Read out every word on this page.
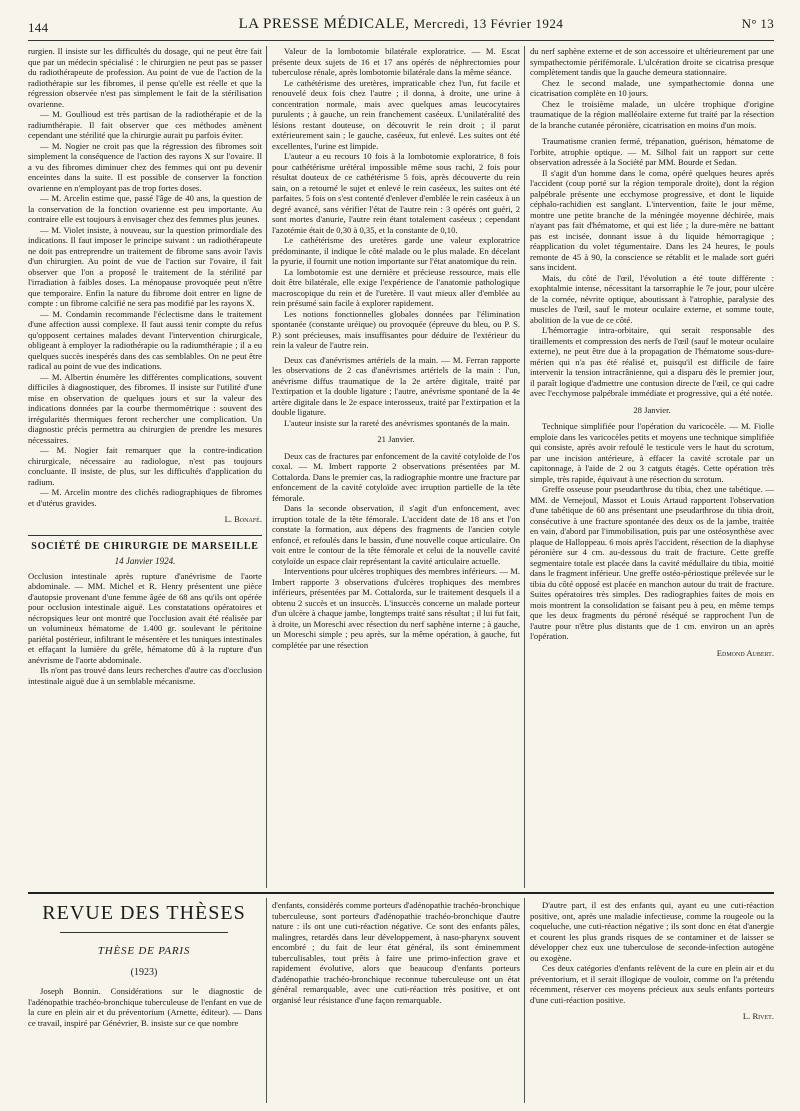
144	LA PRESSE MÉDICALE, Mercredi, 13 Février 1924	N° 13

rurgien. Il insiste sur les difficultés du dosage, qui ne peut être fait que par un médecin spécialisé : le chirurgien ne peut pas se passer du radiothérapeute de profession. Au point de vue de l'action de la radiothérapie sur les fibromes, il pense qu'elle est réelle et que la régression observée n'est pas simplement le fait de la stérilisation ovarienne.

— M. Goullioud est très partisan de la radiothérapie et de la radiumthérapie. Il fait observer que ces méthodes amènent cependant une stérilité que la chirurgie aurait pu parfois éviter.

— M. Nogier ne croit pas que la régression des fibromes soit simplement la conséquence de l'action des rayons X sur l'ovaire. Il a vu des fibromes diminuer chez des femmes qui ont pu devenir enceintes dans la suite. Il est possible de conserver la fonction ovarienne en n'employant pas de trop fortes doses.

— M. Arcelin estime que, passé l'âge de 40 ans, la question de la conservation de la fonction ovarienne est peu importante. Au contraire elle est toujours à envisager chez des femmes plus jeunes.

— M. Violet insiste, à nouveau, sur la question primordiale des indications. Il faut imposer le principe suivant : un radiothérapeute ne doit pas entreprendre un traitement de fibrome sans avoir l'avis d'un chirurgien. Au point de vue de l'action sur l'ovaire, il fait observer que l'on a proposé le traitement de la stérilité par l'irradiation à faibles doses. La ménopause provoquée peut n'être que temporaire. Enfin la nature du fibrome doit entrer en ligne de compte : un fibrome calcifié ne sera pas modifié par les rayons X.

— M. Condamin recommande l'éclectisme dans le traitement d'une affection aussi complexe. Il faut aussi tenir compte du refus qu'opposent certaines malades devant l'intervention chirurgicale, obligeant à employer la radiothérapie ou la radiumthérapie ; il a eu quelques succès inespérés dans des cas semblables. On ne peut être radical au point de vue des indications.

— M. Albertin énumère les différentes complications, souvent difficiles à diagnostiquer, des fibromes. Il insiste sur l'utilité d'une mise en observation de quelques jours et sur la valeur des indications données par la courbe thermométrique : souvent des irrégularités thermiques feront rechercher une complication. Un diagnostic précis permettra au chirurgien de prendre les mesures nécessaires.

— M. Nogier fait remarquer que la contre-indication chirurgicale, nécessaire au radiologue, n'est pas toujours concluante. Il insiste, de plus, sur les difficultés d'application du radium.

— M. Arcelin montre des clichés radiographiques de fibromes et d'utérus gravides.

L. Bonafé.

SOCIÉTÉ DE CHIRURGIE DE MARSEILLE

14 Janvier 1924.

Occlusion intestinale après rupture d'anévrisme de l'aorte abdominale. — MM. Michel et R. Henry présentent une pièce d'autopsie provenant d'une femme âgée de 68 ans qu'ils ont opérée pour occlusion intestinale aiguë. Les constatations opératoires et nécropsiques leur ont montré que l'occlusion avait été réalisée par un volumineux hématome de 1.400 gr. soulevant le péritoine pariétal postérieur, infiltrant le mésentère et les tuniques intestinales et effaçant la lumière du grêle, hématome dû à la rupture d'un anévrisme de l'aorte abdominale.

Ils n'ont pas trouvé dans leurs recherches d'autre cas d'occlusion intestinale aiguë due à un semblable mécanisme.

Valeur de la lombotomie bilatérale exploratrice. — M. Escat présente deux sujets de 16 et 17 ans opérés de néphrectomies pour tuberculose rénale, après lombotomie bilatérale dans la même séance.

Le cathétérisme des uretères, impraticable chez l'un, fut facile et renouvelé deux fois chez l'autre ; il donna, à droite, une urine à concentration normale, mais avec quelques amas leucocytaires purulents ; à gauche, un rein franchement caséeux. L'unilatéralité des lésions restant douteuse, on découvrit le rein droit ; il parut extérieurement sain ; le gauche, caséeux, fut enlevé. Les suites ont été excellentes, l'urine est limpide.

L'auteur a eu recours 10 fois à la lombotomie exploratrice, 8 fois pour cathétérisme urétéral impossible même sous rachi, 2 fois pour résultat douteux de ce cathétérisme 5 fois, après découverte du rein sain, on a retourné le sujet et enlevé le rein caséeux, les suites ont été parfaites. 5 fois on s'est contenté d'enlever d'emblée le rein caséeux à un degré avancé, sans vérifier l'état de l'autre rein : 3 opérés ont guéri, 2 sont mortes d'anurie, l'autre rein étant totalement caséeux ; cependant l'azotémie était de 0,30 à 0,35, et la constante de 0,10.

Le cathétérisme des uretères garde une valeur exploratrice prédominante, il indique le côté malade ou le plus malade. En décelant la pyurie, il fournit une notion importante sur l'état anatomique du rein.

La lombotomie est une dernière et précieuse ressource, mais elle doit être bilatérale, elle exige l'expérience de l'anatomie pathologique macroscopique du rein et de l'uretère. Il vaut mieux aller d'emblée au rein présumé sain facile à explorer rapidement.

Les notions fonctionnelles globales données par l'élimination spontanée (constante uréique) ou provoquée (épreuve du bleu, ou P. S. P.) sont précieuses, mais insuffisantes pour déduire de l'extérieur du rein la valeur de l'autre rein.

Deux cas d'anévrismes artériels de la main. — M. Ferran rapporte les observations de 2 cas d'anévrismes artériels de la main : l'un, anévrisme diffus traumatique de la 2e artère digitale, traité par l'extirpation et la double ligature ; l'autre, anévrisme spontané de la 4e artère digitale dans le 2e espace interosseux, traité par l'extirpation et la double ligature.

L'auteur insiste sur la rareté des anévrismes spontanés de la main.

21 Janvier.

Deux cas de fractures par enfoncement de la cavité cotyloïde de l'os coxal. — M. Imbert rapporte 2 observations présentées par M. Cottalorda. Dans le premier cas, la radiographie montre une fracture par enfoncement de la cavité cotyloïde avec irruption partielle de la tête fémorale.

Dans la seconde observation, il s'agit d'un enfoncement, avec irruption totale de la tête fémorale. L'accident date de 18 ans et l'on constate la formation, aux dépens des fragments de l'ancien cotyle enfoncé, et refoulés dans le bassin, d'une nouvelle coque articulaire. On voit entre le contour de la tête fémorale et celui de la nouvelle cavité cotyloïde un espace clair représentant la cavité articulaire actuelle.

Interventions pour ulcères trophiques des membres inférieurs. — M. Imbert rapporte 3 observations d'ulcères trophiques des membres inférieurs, présentées par M. Cottalorda, sur le traitement desquels il a obtenu 2 succès et un insuccès. L'insuccès concerne un malade porteur d'un ulcère à chaque jambe, longtemps traité sans résultat ; il lui fut fait, à droite, un Moreschi avec résection du nerf saphène interne ; à gauche, un Moreschi simple ; peu après, sur la même opération, à gauche, fut complétée par une résection

du nerf saphène externe et de son accessoire et ultérieurement par une sympathectomie périfémorale. L'ulcération droite se cicatrisa presque complètement tandis que la gauche demeura stationnaire.

Chez le second malade, une sympathectomie donna une cicatrisation complète en 10 jours.

Chez le troisième malade, un ulcère trophique d'origine traumatique de la région malléolaire externe fut traité par la résection de la branche cutanée péronière, cicatrisation en moins d'un mois.

Traumatisme cranien fermé, trépanation, guérison, hématome de l'orbite, atrophie optique. — M. Silhol fait un rapport sur cette observation adressée à la Société par MM. Bourde et Sedan.

Il s'agit d'un homme dans le coma, opéré quelques heures après l'accident (coup porté sur la région temporale droite), dont la région palpébrale présente une ecchymose progressive, et dont le liquide céphalo-rachidien est sanglant. L'intervention, faite le jour même, montre une petite branche de la méningée moyenne déchirée, mais n'ayant pas fait d'hématome, et qui est liée ; la dure-mère ne battant pas est incisée, donnant issue à du liquide hémorragique ; réapplication du volet tégumentaire. Dans les 24 heures, le pouls remonte de 45 à 90, la conscience se rétablit et le malade sort guéri sans incident.

Mais, du côté de l'œil, l'évolution a été toute différente : exophtalmie intense, nécessitant la tarsorraphie le 7e jour, pour ulcère de la cornée, névrite optique, aboutissant à l'atrophie, paralysie des muscles de l'œil, sauf le moteur oculaire externe, et somme toute, abolition de la vue de ce côté.

L'hémorragie intra-orbitaire, qui serait responsable des tiraillements et compression des nerfs de l'œil (sauf le moteur oculaire externe), ne peut être due à la propagation de l'hématome sous-dure-mérien qui n'a pas été réalisé et, puisqu'il est difficile de faire intervenir la tension intracrânienne, qui a disparu dès le premier jour, il paraît logique d'admettre une contusion directe de l'œil, ce qui cadre avec l'ecchymose palpébrale immédiate et progressive, qui a été notée.

28 Janvier.

Technique simplifiée pour l'opération du varicocèle. — M. Fiolle emploie dans les varicocèles petits et moyens une technique simplifiée qui consiste, après avoir refoulé le testicule vers le haut du scrotum, par une incision antérieure, à effacer la cavité scrotale par un capitonnage, à l'aide de 2 ou 3 catguts étagés. Cette opération très simple, très rapide, équivaut à une résection du scrotum.

Greffe osseuse pour pseudarthrose du tibia, chez une tabétique. — MM. de Vernejoul, Massot et Louis Artaud rapportent l'observation d'une tabétique de 60 ans présentant une pseudarthrose du tibia droit, consécutive à une fracture spontanée des deux os de la jambe, traitée en vain, d'abord par l'immobilisation, puis par une ostéosynthèse avec plaque de Halloppeau. 6 mois après l'accident, résection de la diaphyse péronière sur 4 cm. au-dessous du trait de fracture. Cette greffe segmentaire totale est placée dans la cavité médullaire du tibia, moitié dans le fragment inférieur. Une greffe ostéo-périostique prélevée sur le tibia du côté opposé est placée en manchon autour du trait de fracture. Suites opératoires très simples. Des radiographies faites de mois en mois montrent la consolidation se faisant peu à peu, en même temps que les deux fragments du péroné réséqué se rapprochent l'un de l'autre pour n'être plus distants que de 1 cm. environ un an après l'opération.

Edmond Aubert.

REVUE DES THÈSES
THÈSE DE PARIS
(1923)

Joseph Bonnin. Considérations sur le diagnostic de l'adénopathie trachéo-bronchique tuberculeuse de l'enfant en vue de la cure en plein air et du préventorium (Arnette, éditeur). — Dans ce travail, inspiré par Génévrier, B. insiste sur ce que nombre

d'enfants, considérés comme porteurs d'adénopathie trachéo-bronchique tuberculeuse, sont porteurs d'adénopathie trachéo-bronchique d'autre nature : ils ont une cuti-réaction négative. Ce sont des enfants pâles, malingres, retardés dans leur développement, à naso-pharynx souvent encombré ; du fait de leur état général, ils sont éminemment tuberculisables, tout prêts à faire une primo-infection grave et rapidement évolutive, alors que beaucoup d'enfants porteurs d'adénopathie trachéo-bronchique reconnue tuberculeuse ont un état général remarquable, avec une cuti-réaction très positive, et ont organisé leur résistance d'une façon remarquable.

D'autre part, il est des enfants qui, ayant eu une cuti-réaction positive, ont, après une maladie infectieuse, comme la rougeole ou la coqueluche, une cuti-réaction négative ; ils sont donc en état d'anergie et courent les plus grands risques de se contaminer et de laisser se développer chez eux une tuberculose de seconde-infection autogène ou exogène.

Ces deux catégories d'enfants relèvent de la cure en plein air et du préventorium, et il serait illogique de vouloir, comme on l'a prétendu récemment, réserver ces moyens précieux aux seuls enfants porteurs d'une cuti-réaction positive.

L. Rivet.
